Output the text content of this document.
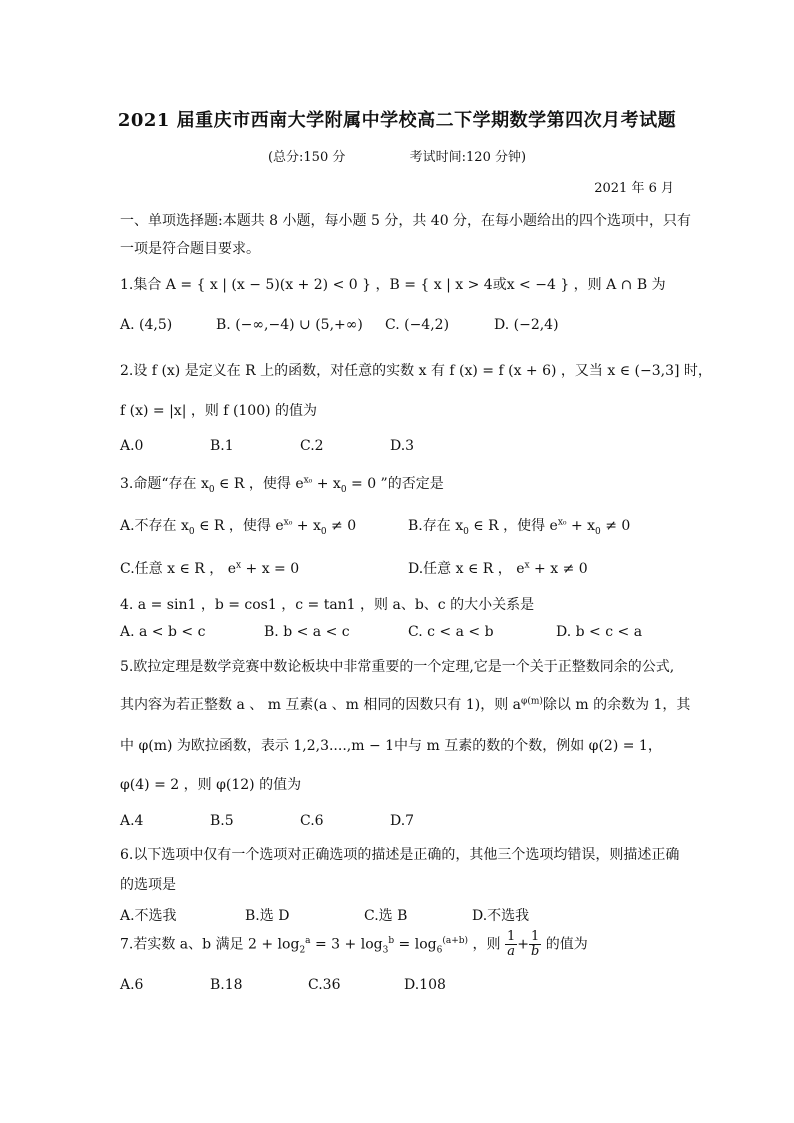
2021 届重庆市西南大学附属中学校高二下学期数学第四次月考试题
(总分:150 分	考试时间:120 分钟)
2021 年 6 月
一、单项选择题:本题共 8 小题，每小题 5 分，共 40 分，在每小题给出的四个选项中，只有
一项是符合题目要求。
1.集合 A = { x | (x − 5)(x + 2) < 0 } ，B = { x | x > 4或x < −4 } ，则 A ∩ B 为
A. (4,5)	B. (−∞,−4) ∪ (5,+∞) C. (−4,2)	D. (−2,4)
2.设 f (x) 是定义在 R 上的函数，对任意的实数 x 有 f (x) = f (x + 6) ，又当 x ∈ (−3,3] 时，
f (x) = |x| ，则 f (100) 的值为
A.0	B.1	C.2	D.3
3.命题“存在 $x_0$ ∈ R ，使得 $e^{x_0} + x_0 = 0$ ”的否定是
A.不存在 $x_0$ ∈ R ，使得 $e^{x_0} + x_0 \ne 0$	B.存在 $x_0$ ∈ R ，使得 $e^{x_0} + x_0 \ne 0$
C.任意 x ∈ R ， $e^x + x = 0$	D.任意 x ∈ R ， $e^x + x \ne 0$
4. a = sin1 ，b = cos1 ，c = tan1 ，则 a、b、c 的大小关系是
A. a < b < c	B. b < a < c	C. c < a < b	D. b < c < a
5.欧拉定理是数学竞赛中数论板块中非常重要的一个定理,它是一个关于正整数同余的公式,
其内容为若正整数 a 、 m 互素(a 、m 相同的因数只有 1)，则 $a^{\varphi(m)}$除以 m 的余数为 1，其
中 φ(m) 为欧拉函数，表示 1,2,3....,m − 1中与 m 互素的数的个数，例如 φ(2) = 1，
φ(4) = 2 ，则 φ(12) 的值为
A.4	B.5	C.6	D.7
6.以下选项中仅有一个选项对正确选项的描述是正确的，其他三个选项均错误，则描述正确
的选项是
A.不选我	B.选 D	C.选 B	D.不选我
7.若实数 a、b 满足 $2 + \log_2^a = 3 + \log_3^b = \log_6^{(a+b)}$ ，则 $\frac{1}{a} + \frac{1}{b}$ 的值为
A.6	B.18	C.36	D.108
